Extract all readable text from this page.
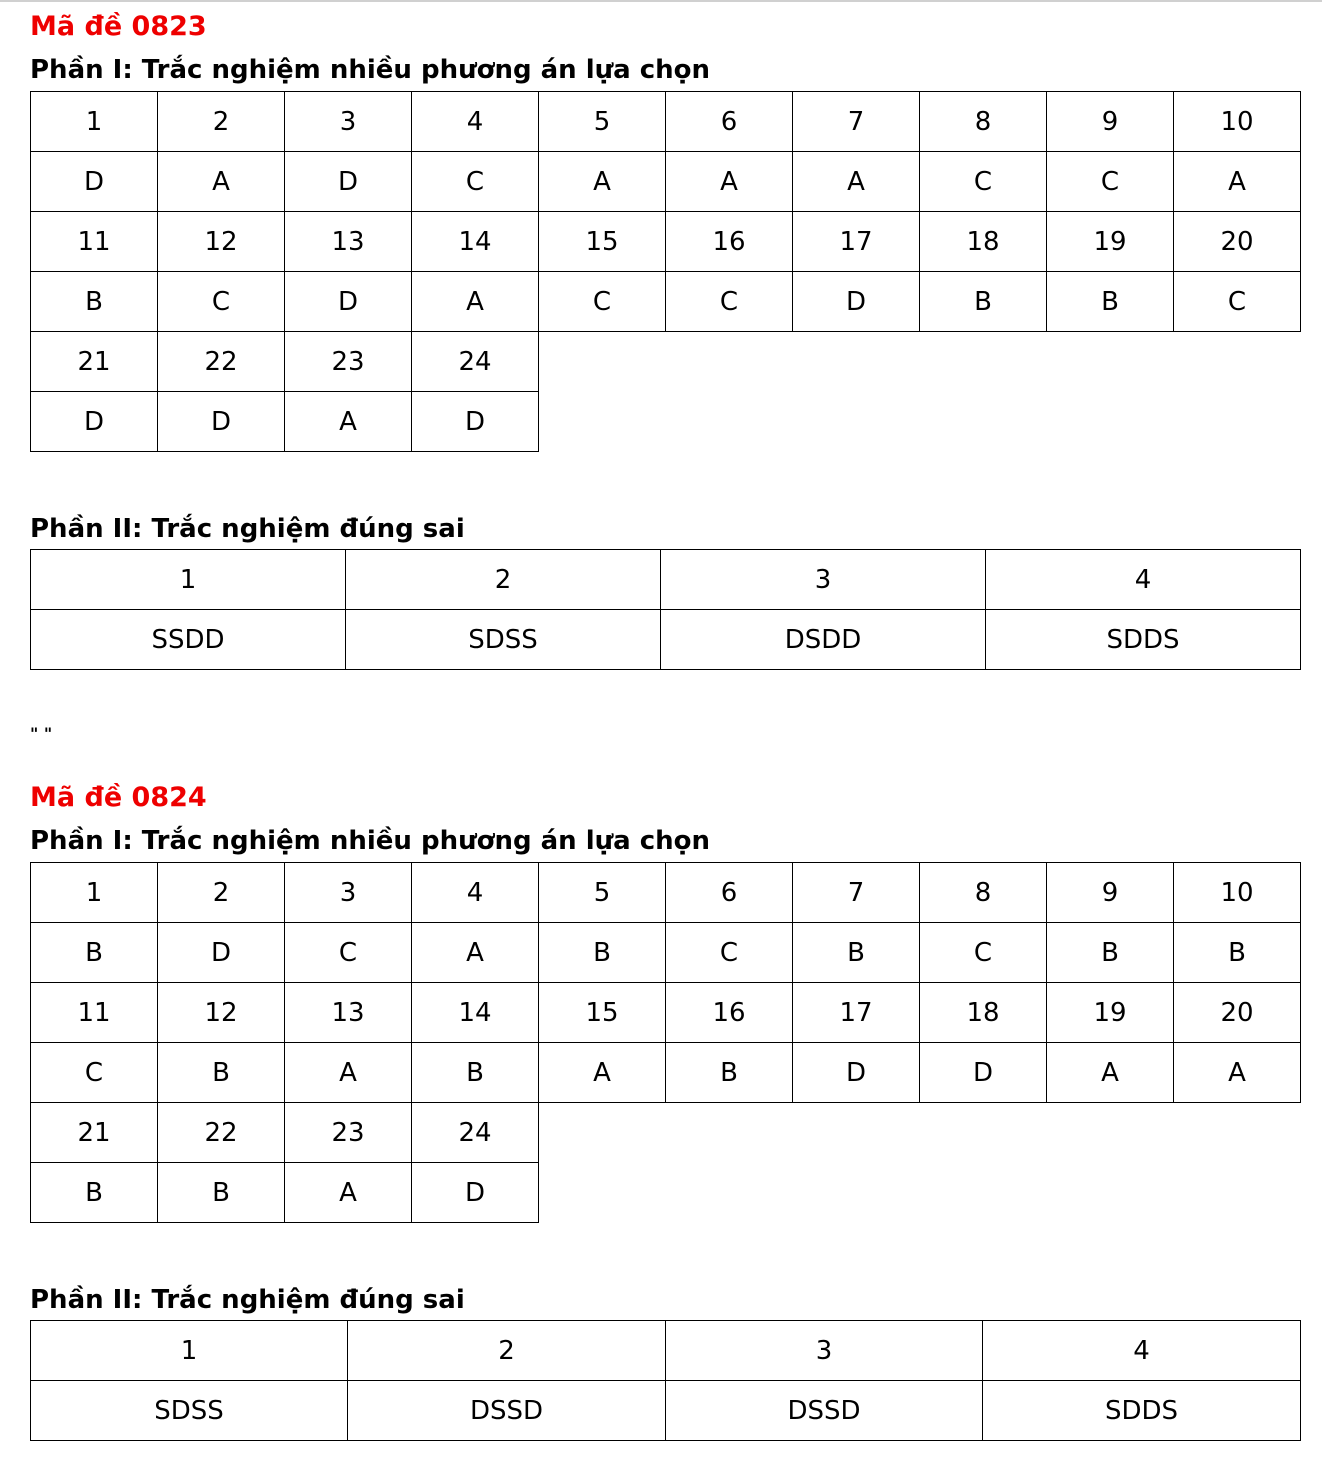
Mã đề 0823
Phần I: Trắc nghiệm nhiều phương án lựa chọn
1	2	3	4	5	6	7	8	9	10
D	A	D	C	A	A	A	C	C	A
11	12	13	14	15	16	17	18	19	20
B	C	D	A	C	C	D	B	B	C
21	22	23	24						
D	D	A	D						
Phần II: Trắc nghiệm đúng sai
1	2	3	4
SSDD	SDSS	DSDD	SDDS
" "
Mã đề 0824
Phần I: Trắc nghiệm nhiều phương án lựa chọn
1	2	3	4	5	6	7	8	9	10
B	D	C	A	B	C	B	C	B	B
11	12	13	14	15	16	17	18	19	20
C	B	A	B	A	B	D	D	A	A
21	22	23	24						
B	B	A	D						
Phần II: Trắc nghiệm đúng sai
1	2	3	4
SDSS	DSSD	DSSD	SDDS
